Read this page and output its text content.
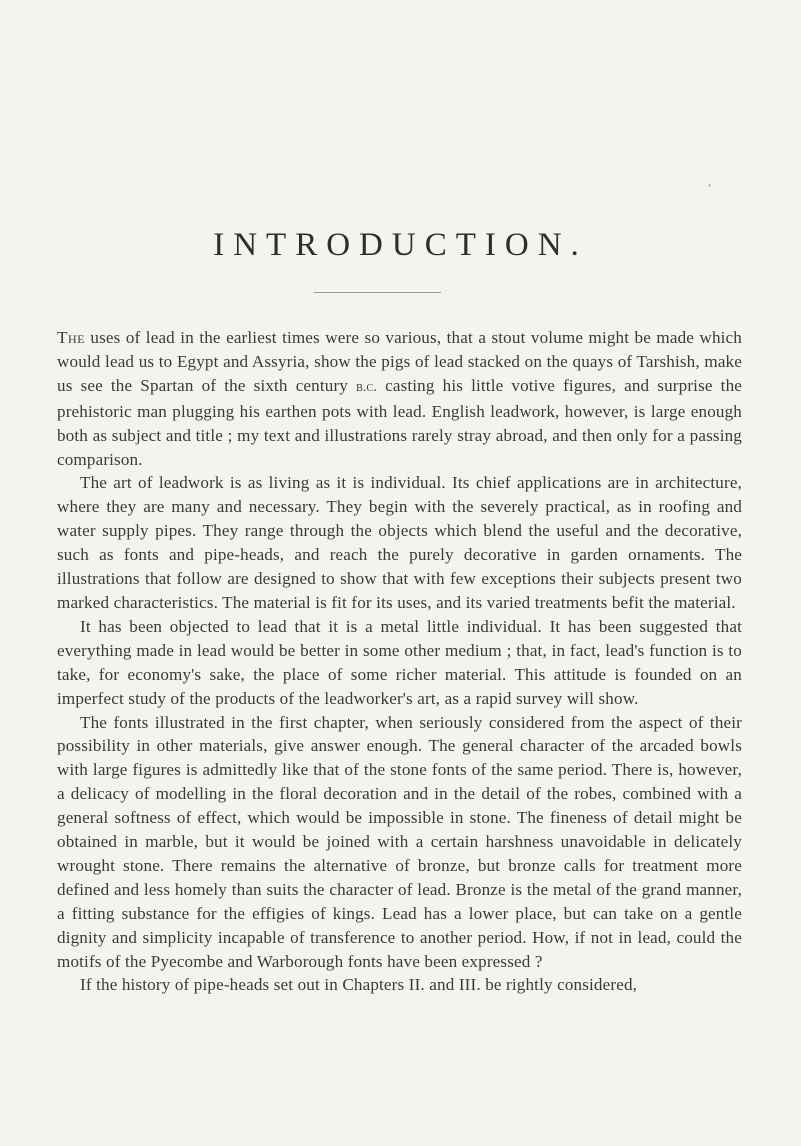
INTRODUCTION.

The uses of lead in the earliest times were so various, that a stout volume might be made which would lead us to Egypt and Assyria, show the pigs of lead stacked on the quays of Tarshish, make us see the Spartan of the sixth century b.c. casting his little votive figures, and surprise the prehistoric man plugging his earthen pots with lead. English leadwork, however, is large enough both as subject and title ; my text and illustrations rarely stray abroad, and then only for a passing comparison.

The art of leadwork is as living as it is individual. Its chief applications are in architecture, where they are many and necessary. They begin with the severely practical, as in roofing and water supply pipes. They range through the objects which blend the useful and the decorative, such as fonts and pipe-heads, and reach the purely decorative in garden ornaments. The illustrations that follow are designed to show that with few exceptions their subjects present two marked characteristics. The material is fit for its uses, and its varied treatments befit the material.

It has been objected to lead that it is a metal little individual. It has been suggested that everything made in lead would be better in some other medium ; that, in fact, lead's function is to take, for economy's sake, the place of some richer material. This attitude is founded on an imperfect study of the products of the leadworker's art, as a rapid survey will show.

The fonts illustrated in the first chapter, when seriously considered from the aspect of their possibility in other materials, give answer enough. The general character of the arcaded bowls with large figures is admittedly like that of the stone fonts of the same period. There is, however, a delicacy of modelling in the floral decoration and in the detail of the robes, combined with a general softness of effect, which would be impossible in stone. The fineness of detail might be obtained in marble, but it would be joined with a certain harshness unavoidable in delicately wrought stone. There remains the alternative of bronze, but bronze calls for treatment more defined and less homely than suits the character of lead. Bronze is the metal of the grand manner, a fitting substance for the effigies of kings. Lead has a lower place, but can take on a gentle dignity and simplicity incapable of transference to another period. How, if not in lead, could the motifs of the Pyecombe and Warborough fonts have been expressed ?

If the history of pipe-heads set out in Chapters II. and III. be rightly considered,
